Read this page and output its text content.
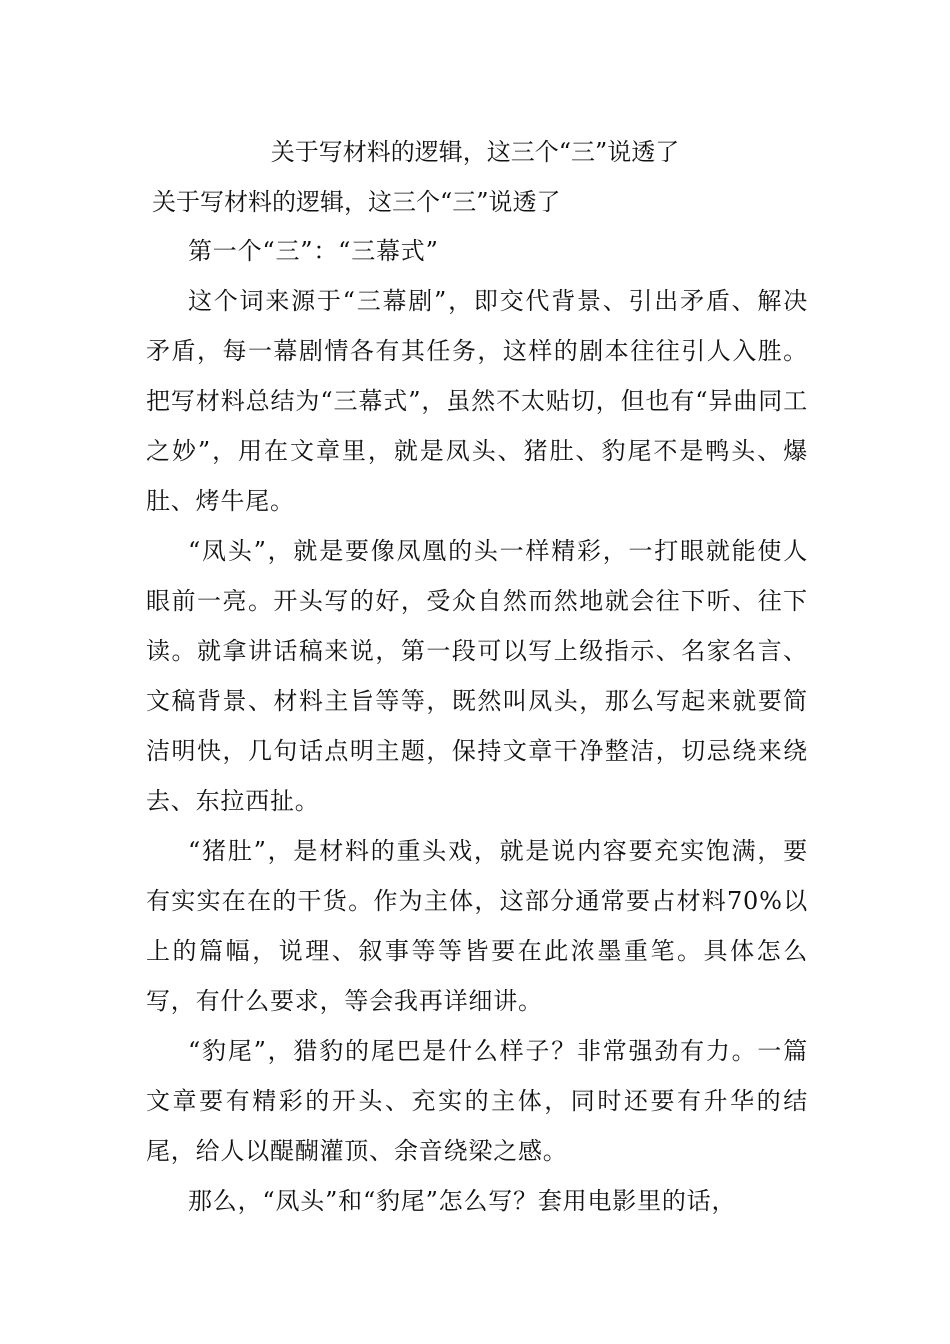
关于写材料的逻辑，这三个“三”说透了
关于写材料的逻辑，这三个“三”说透了

第一个“三”：“三幕式”

这个词来源于“三幕剧”，即交代背景、引出矛盾、解决矛盾，每一幕剧情各有其任务，这样的剧本往往引人入胜。把写材料总结为“三幕式”，虽然不太贴切，但也有“异曲同工之妙”，用在文章里，就是凤头、猪肚、豹尾不是鸭头、爆肚、烤牛尾。

“凤头”，就是要像凤凰的头一样精彩，一打眼就能使人眼前一亮。开头写的好，受众自然而然地就会往下听、往下读。就拿讲话稿来说，第一段可以写上级指示、名家名言、文稿背景、材料主旨等等，既然叫凤头，那么写起来就要简洁明快，几句话点明主题，保持文章干净整洁，切忌绕来绕去、东拉西扯。

“猪肚”，是材料的重头戏，就是说内容要充实饱满，要有实实在在的干货。作为主体，这部分通常要占材料70%以上的篇幅，说理、叙事等等皆要在此浓墨重笔。具体怎么写，有什么要求，等会我再详细讲。

“豹尾”，猎豹的尾巴是什么样子？非常强劲有力。一篇文章要有精彩的开头、充实的主体，同时还要有升华的结尾，给人以醍醐灌顶、余音绕梁之感。

那么，“凤头”和“豹尾”怎么写？套用电影里的话，
